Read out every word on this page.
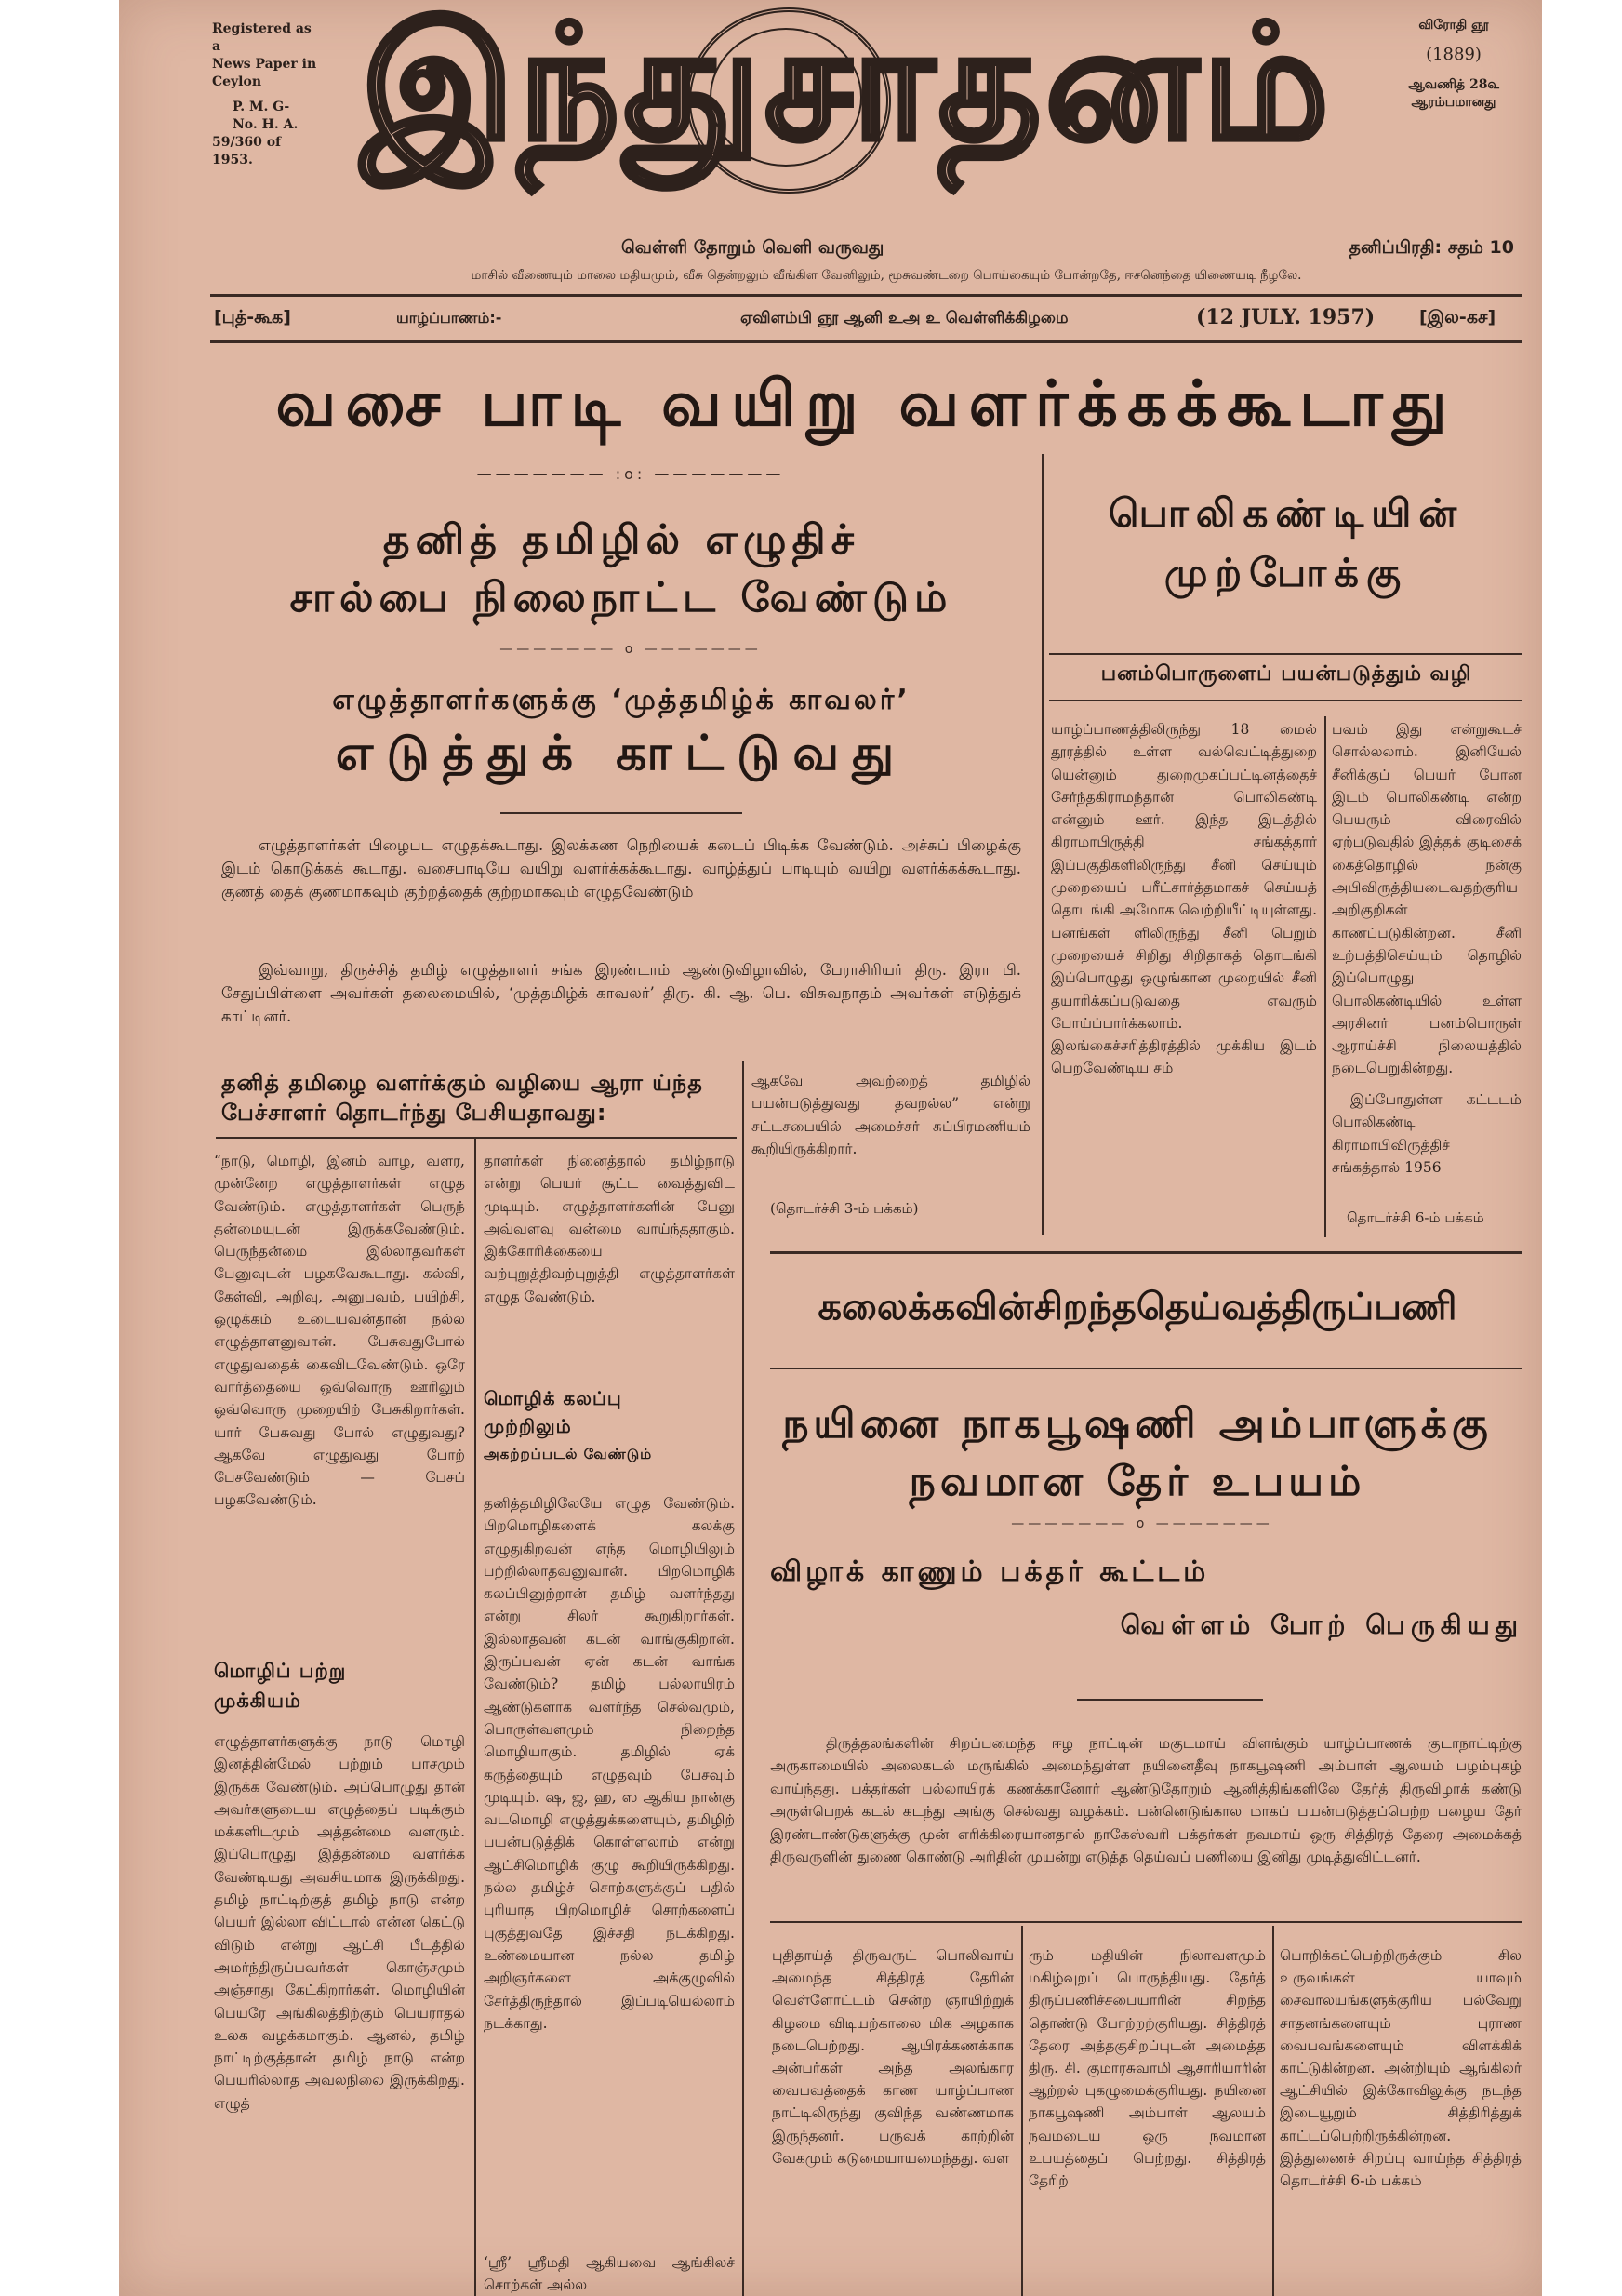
Registered as a
News Paper in
Ceylon
P. M. G-
No. H. A.
59/360 of 1953. இந்துசாதனம்	விரோதி ஞூ
(1889)
ஆவணித் 28௳
ஆரம்பமானது
வெள்ளி தோறும் வெளி வருவது	தனிப்பிரதி: சதம் 10
மாசில் வீணையும் மாலை மதியமும், வீசு தென்றலும் வீங்கிள வேனிலும், மூசுவண்டறை பொய்கையும் போன்றதே, ஈசனெந்தை யிணையடி நீழலே.
[புத்-கூக]	யாழ்ப்பாணம்:-	ஏவிளம்பி ஞூ ஆனி உஅ உ வெள்ளிக்கிழமை	(12 JULY. 1957)	[இல-கச]
வசை பாடி வயிறு வளர்க்கக்கூடாது
——————— :o: ———————
தனித் தமிழில் எழுதிச்
சால்பை நிலைநாட்ட வேண்டும்
——————— o ———————
எழுத்தாளர்களுக்கு ‘முத்தமிழ்க் காவலர்’
எடுத்துக் காட்டுவது
எழுத்தாளர்கள் பிழைபட எழுதக்கூடாது. இலக்கண நெறியைக் கடைப் பிடிக்க வேண்டும். அச்சுப் பிழைக்கு இடம் கொடுக்கக் கூடாது. வசைபாடியே வயிறு வளர்க்கக்கூடாது. வாழ்த்துப் பாடியும் வயிறு வளர்க்கக்கூடாது. குணத் தைக் குணமாகவும் குற்றத்தைக் குற்றமாகவும் எழுதவேண்டும்
இவ்வாறு, திருச்சித் தமிழ் எழுத்தாளர் சங்க இரண்டாம் ஆண்டுவிழாவில், பேராசிரியர் திரு. இரா பி. சேதுப்பிள்ளை அவர்கள் தலைமையில், ‘முத்தமிழ்க் காவலர்’ திரு. கி. ஆ. பெ. விசுவநாதம் அவர்கள் எடுத்துக் காட்டினர்.
தனித் தமிழை வளர்க்கும் வழியை ஆரா ய்ந்த பேச்சாளர் தொடர்ந்து பேசியதாவது:
“நாடு, மொழி, இனம் வாழ, வளர, முன்னேற எழுத்தாளர்கள் எழுத வேண்டும். எழுத்தாளர்கள் பெருந் தன்மையுடன் இருக்கவேண்டும். பெருந்தன்மை இல்லாதவர்கள் பேனுவுடன் பழகவேகூடாது. கல்வி, கேள்வி, அறிவு, அனுபவம், பயிற்சி, ஒழுக்கம் உடையவன்தான் நல்ல எழுத்தாளனுவான். பேசுவதுபோல் எழுதுவதைக் கைவிடவேண்டும். ஒரே வார்த்தையை ஒவ்வொரு ஊரிலும் ஒவ்வொரு முறையிற் பேசுகிறார்கள். யார் பேசுவது போல் எழுதுவது? ஆகவே எழுதுவது போற் பேசவேண்டும் — பேசப் பழகவேண்டும்.
மொழிப் பற்று
முக்கியம்
எழுத்தாளர்களுக்கு நாடு மொழி இனத்தின்மேல் பற்றும் பாசமும் இருக்க வேண்டும். அப்பொழுது தான் அவர்களுடைய எழுத்தைப் படிக்கும் மக்களிடமும் அத்தன்மை வளரும். இப்பொழுது இத்தன்மை வளர்க்க வேண்டியது அவசியமாக இருக்கிறது. தமிழ் நாட்டிற்குத் தமிழ் நாடு என்ற பெயர் இல்லா விட்டால் என்ன கெட்டு விடும் என்று ஆட்சி பீடத்தில் அமர்ந்திருப்பவர்கள் கொஞ்சமும் அஞ்சாது கேட்கிறார்கள். மொழியின் பெயரே அங்கிலத்திற்கும் பெயராதல் உலக வழக்கமாகும். ஆனல், தமிழ் நாட்டிற்குத்தான் தமிழ் நாடு என்ற பெயரில்லாத அவலநிலை இருக்கிறது. எழுத்
தாளர்கள் நினைத்தால் தமிழ்நாடு என்று பெயர் சூட்ட வைத்துவிட முடியும். எழுத்தாளர்களின் பேனு அவ்வளவு வன்மை வாய்ந்ததாகும். இக்கோரிக்கையை வற்புறுத்திவற்புறுத்தி எழுத்தாளர்கள் எழுத வேண்டும்.
மொழிக் கலப்பு
முற்றிலும்
அகற்றப்படல் வேண்டும்
தனித்தமிழிலேயே எழுத வேண்டும். பிறமொழிகளைக் கலக்கு எழுதுகிறவன் எந்த மொழியிலும் பற்றில்லாதவனுவான். பிறமொழிக் கலப்பினுற்றான் தமிழ் வளர்ந்தது என்று சிலர் கூறுகிறார்கள். இல்லாதவன் கடன் வாங்குகிறான். இருப்பவன் ஏன் கடன் வாங்க வேண்டும்? தமிழ் பல்லாயிரம் ஆண்டுகளாக வளர்ந்த செல்வமும், பொருள்வளமும் நிறைந்த மொழியாகும். தமிழில் ஏக் கருத்தையும் எழுதவும் பேசவும் முடியும். ஷ, ஜ, ஹ, ஸ ஆகிய நான்கு வடமொழி எழுத்துக்களையும், தமிழிற் பயன்படுத்திக் கொள்ளலாம் என்று ஆட்சிமொழிக் குழு கூறியிருக்கிறது. நல்ல தமிழ்ச் சொற்களுக்குப் பதில் புரியாத பிறமொழிச் சொற்களைப் புகுத்துவதே இச்சதி நடக்கிறது. உண்மையான நல்ல தமிழ் அறிஞர்களை அக்குழுவில் சேர்த்திருந்தால் இப்படியெல்லாம் நடக்காது.
‘ஸ்ரீ’ ஸ்ரீமதி ஆகியவை ஆங்கிலச் சொற்கள் அல்ல
ஆகவே அவற்றைத் தமிழில் பயன்படுத்துவது தவறல்ல” என்று சட்டசபையில் அமைச்சர் சுப்பிரமணியம் கூறியிருக்கிறார்.
(தொடர்ச்சி 3-ம் பக்கம்)
பொலிகண்டியின்
முற்போக்கு
பனம்பொருளைப் பயன்படுத்தும் வழி
யாழ்ப்பாணத்திலிருந்து 18 மைல் தூரத்தில் உள்ள வல்வெட்டித்துறை யென்னும் துறைமுகப்பட்டினத்தைச் சேர்ந்தகிராமந்தான் பொலிகண்டி என்னும் ஊர். இந்த இடத்தில் கிராமாபிருத்தி சங்கத்தார் இப்பகுதிகளிலிருந்து சீனி செய்யும் முறையைப் பரீட்சார்த்தமாகச் செய்யத் தொடங்கி அமோக வெற்றியீட்டியுள்ளது. பனங்கள் ளிலிருந்து சீனி பெறும் முறையைச் சிறிது சிறிதாகத் தொடங்கி இப்பொழுது ஒழுங்கான முறையில் சீனி தயாரிக்கப்படுவதை எவரும் போய்ப்பார்க்கலாம். இலங்கைச்சரித்திரத்தில் முக்கிய இடம் பெறவேண்டிய சம்
பவம் இது என்றுகூடச் சொல்லலாம். இனியேல் சீனிக்குப் பெயர் போன இடம் பொலிகண்டி என்ற பெயரும் விரைவில் ஏற்படுவதில் இத்தக் குடிசைக் கைத்தொழில் நன்கு அபிவிருத்தியடைவதற்குரிய அறிகுறிகள் காணப்படுகின்றன. சீனி உற்பத்திசெய்யும் தொழில் இப்பொழுது பொலிகண்டியில் உள்ள அரசினர் பனம்பொருள் ஆராய்ச்சி நிலையத்தில் நடைபெறுகின்றது.
இப்போதுள்ள கட்டடம் பொலிகண்டி கிராமாபிவிருத்திச் சங்கத்தால் 1956
தொடர்ச்சி 6-ம் பக்கம்
கலைக்கவின்சிறந்ததெய்வத்திருப்பணி
நயினை நாகபூஷணி அம்பாளுக்கு
நவமான தேர் உபயம்
——————— o ———————
விழாக் காணும் பக்தர் கூட்டம்
வெள்ளம் போற் பெருகியது
திருத்தலங்களின் சிறப்பமைந்த ஈழ நாட்டின் மகுடமாய் விளங்கும் யாழ்ப்பாணக் குடாநாட்டிற்கு அருகாமையில் அலைகடல் மருங்கில் அமைந்துள்ள நயினைதீவு நாகபூஷணி அம்பாள் ஆலயம் பழம்புகழ் வாய்ந்தது. பக்தர்கள் பல்லாயிரக் கணக்கானோர் ஆண்டுதோறும் ஆனித்திங்களிலே தேர்த் திருவிழாக் கண்டு அருள்பெறக் கடல் கடந்து அங்கு செல்வது வழக்கம். பன்னெடுங்கால மாகப் பயன்படுத்தப்பெற்ற பழைய தேர் இரண்டாண்டுகளுக்கு முன் எரிக்கிரையானதால் நாகேஸ்வரி பக்தர்கள் நவமாய் ஒரு சித்திரத் தேரை அமைக்கத் திருவருளின் துணை கொண்டு அரிதின் முயன்று எடுத்த தெய்வப் பணியை இனிது முடித்துவிட்டனர்.
புதிதாய்த் திருவருட் பொலிவாய் அமைந்த சித்திரத் தேரின் வெள்ளோட்டம் சென்ற ஞாயிற்றுக் கிழமை விடியற்காலை மிக அழகாக நடைபெற்றது. ஆயிரக்கணக்காக அன்பர்கள் அந்த அலங்கார வைபவத்தைக் காண யாழ்ப்பாண நாட்டிலிருந்து குவிந்த வண்ணமாக இருந்தனர். பருவக் காற்றின் வேகமும் கடுமையாயமைந்தது. வள
ரும் மதியின் நிலாவளமும் மகிழ்வுறப் பொருந்தியது. தேர்த் திருப்பணிச்சபையாரின் சிறந்த தொண்டு போற்றற்குரியது. சித்திரத் தேரை அத்தகுசிறப்புடன் அமைத்த திரு. சி. குமாரசுவாமி ஆசாரியாரின் ஆற்றல் புகழுமைக்குரியது. நயினை நாகபூஷணி அம்பாள் ஆலயம் நவமடைய ஒரு நவமான உபயத்தைப் பெற்றது. சித்திரத் தேரிற்
பொறிக்கப்பெற்றிருக்கும் சில உருவங்கள் யாவும் சைவாலயங்களுக்குரிய பல்வேறு சாதனங்களையும் புராண வைபவங்களையும் விளக்கிக் காட்டுகின்றன. அன்றியும் ஆங்கிலர் ஆட்சியில் இக்கோவிலுக்கு நடந்த இடையூறும் சித்திரித்துக் காட்டப்பெற்றிருக்கின்றன. இத்துணைச் சிறப்பு வாய்ந்த சித்திரத் தொடர்ச்சி 6-ம் பக்கம்
